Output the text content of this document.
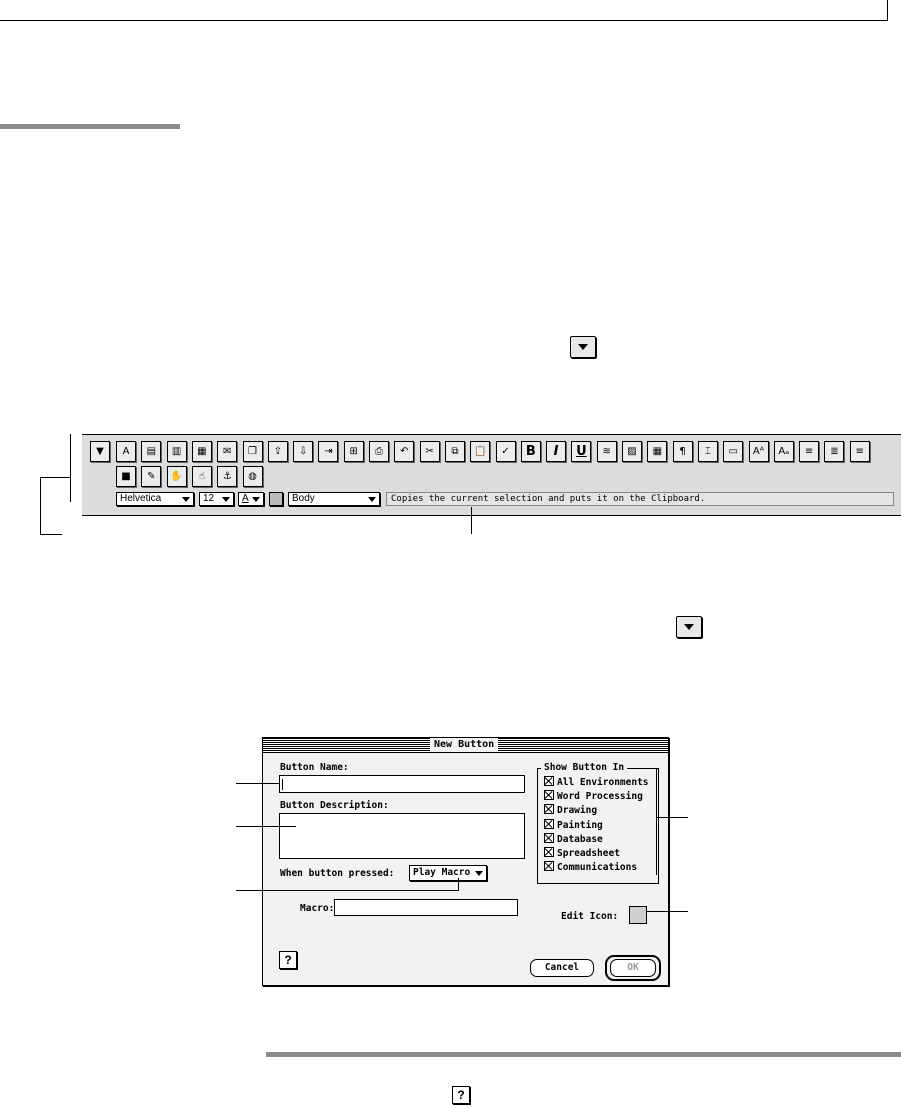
▼	A	▤	▥	▦	✉	❐	⇪	⇩	⇥	⊞	⎙	↶	✂	⧉	📋	✓	B	I	U	≋	▨	▦	¶	⌶	▭	Aᴬ	Aₐ	≡	≣	≡
■	✎	✋	☝	⚓	◍
Helvetica	12	A	Body	Copies the current selection and puts it on the Clipboard.
New Button
Button Name:
Button Description:
When button pressed: Play Macro
Macro:
Show Button In
All Environments
Word Processing
Drawing
Painting
Database
Spreadsheet
Communications
Edit Icon:
?
Cancel	OK
?
